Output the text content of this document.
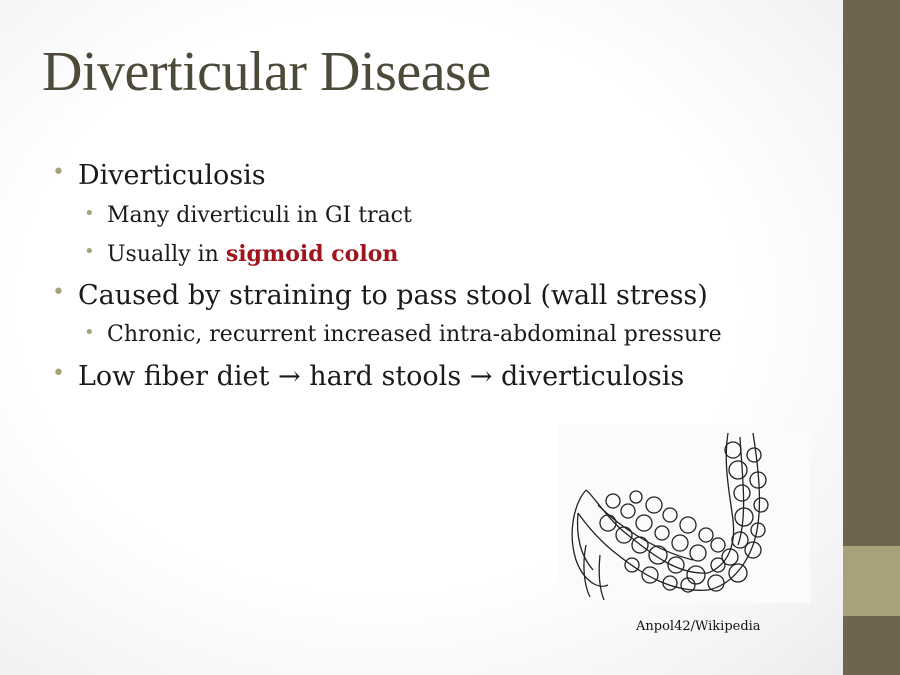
Diverticular Disease
• Diverticulosis
• Many diverticuli in GI tract
• Usually in sigmoid colon
• Caused by straining to pass stool (wall stress)
• Chronic, recurrent increased intra-abdominal pressure
• Low fiber diet → hard stools → diverticulosis
Anpol42/Wikipedia
